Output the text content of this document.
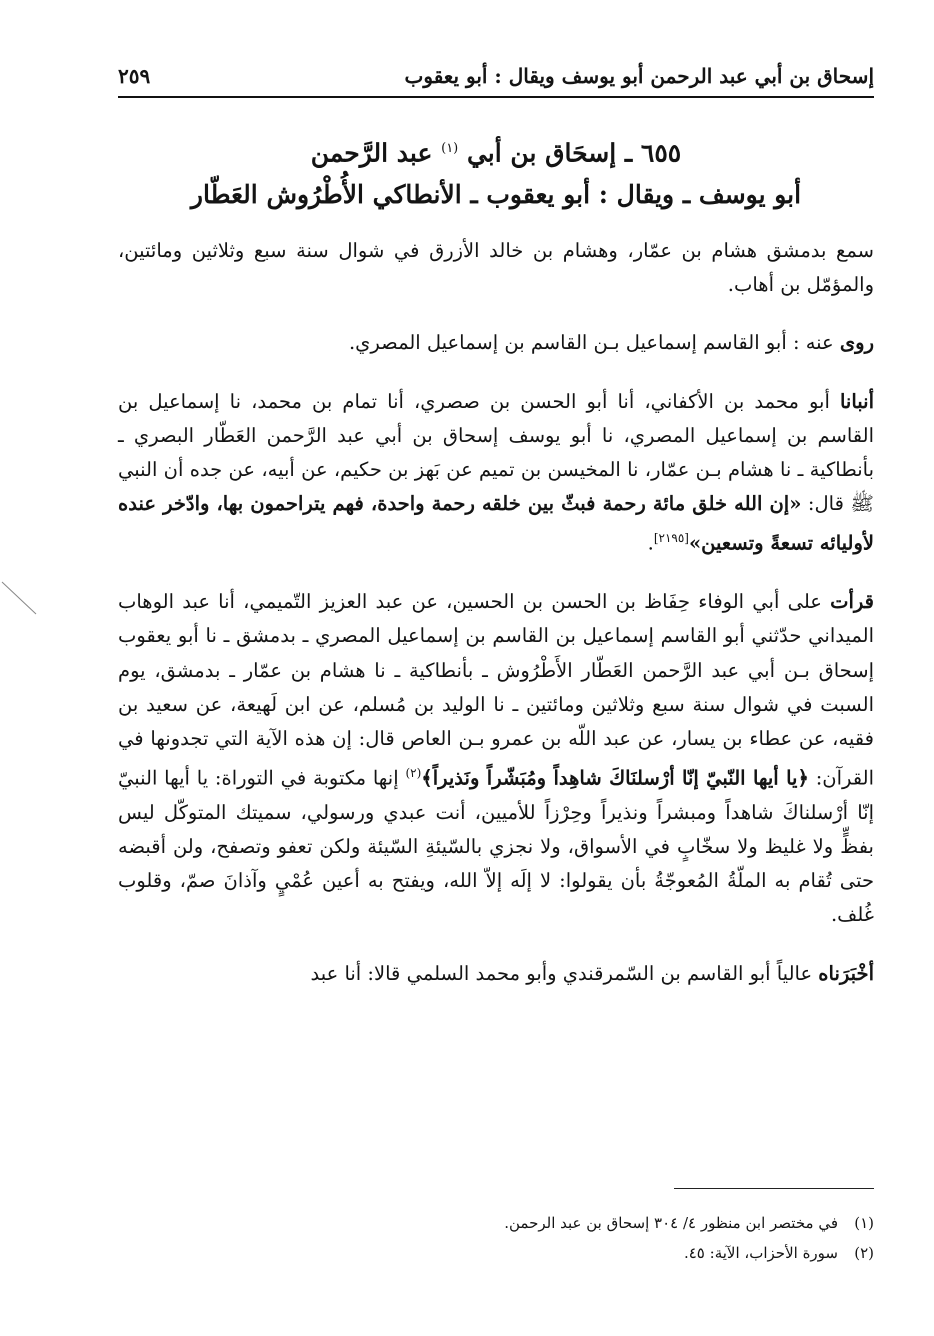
إسحاق بن أبي عبد الرحمن أبو يوسف ويقال : أبو يعقوب
٢٥٩
٦٥٥ ـ إسحَاق بن أبي $^{(١)}$ عبد الرَّحمن
أبو يوسف ـ ويقال : أبو يعقوب ـ الأنطاكي الأُطْرُوش العَطّار

سمع بدمشق هشام بن عمّار، وهشام بن خالد الأزرق في شوال سنة سبع وثلاثين ومائتين، والمؤمّل بن أهاب.

روى عنه : أبو القاسم إسماعيل بـن القاسم بن إسماعيل المصري.

أنبانا أبو محمد بن الأكفاني، أنا أبو الحسن بن صصري، أنا تمام بن محمد، نا إسماعيل بن القاسم بن إسماعيل المصري، نا أبو يوسف إسحاق بن أبي عبد الرَّحمن العَطّار البصري ـ بأنطاكية ـ نا هشام بـن عمّار، نا المخيسن بن تميم عن بَهز بن حكيم، عن أبيه، عن جده أن النبي ﷺ قال: «إن الله خلق مائة رحمة فبثّ بين خلقه رحمة واحدة، فهم يتراحمون بها، وادّخر عنده لأوليائه تسعةً وتسعين»[٢١٩٥].

قرأت على أبي الوفاء حِفَاظ بن الحسن بن الحسين، عن عبد العزيز التّميمي، أنا عبد الوهاب الميداني حدّثني أبو القاسم إسماعيل بن القاسم بن إسماعيل المصري ـ بدمشق ـ نا أبو يعقوب إسحاق بـن أبي عبد الرَّحمن العَطّار الأَطْرُوش ـ بأنطاكية ـ نا هشام بن عمّار ـ بدمشق، يوم السبت في شوال سنة سبع وثلاثين ومائتين ـ نا الوليد بن مُسلم، عن ابن لَهيعة، عن سعيد بن فقيه، عن عطاء بن يسار، عن عبد اللّه بن عمرو بـن العاص قال: إن هذه الآية التي تجدونها في القرآن: ﴿يا أيها النّبيّ إنّا أرْسلنَاكَ شاهِداً ومُبَشّراً ونَذيراً﴾$^{(٢)}$ إنها مكتوبة في التوراة: يا أيها النبيّ إنّا أرْسلناكَ شاهداً ومبشراً ونذيراً وحِرْزاً للأميين، أنت عبدي ورسولي، سميتك المتوكّل ليس بفظٍّ ولا غليظ ولا سخّابٍ في الأسواق، ولا نجزي بالسّيئةِ السّيئة ولكن تعفو وتصفح، ولن أقبضه حتى تُقام به الملّةُ المُعوجّةُ بأن يقولوا: لا إلَه إلاّ الله، ويفتح به أعين عُمْيٍ وآذانَ صمّ، وقلوب غُلف.

أخْبَرَناه عالياً أبو القاسم بن السّمرقندي وأبو محمد السلمي قالا: أنا عبد

(١)في مختصر ابن منظور ٤/ ٣٠٤ إسحاق بن عبد الرحمن.
(٢)سورة الأحزاب، الآية: ٤٥.
